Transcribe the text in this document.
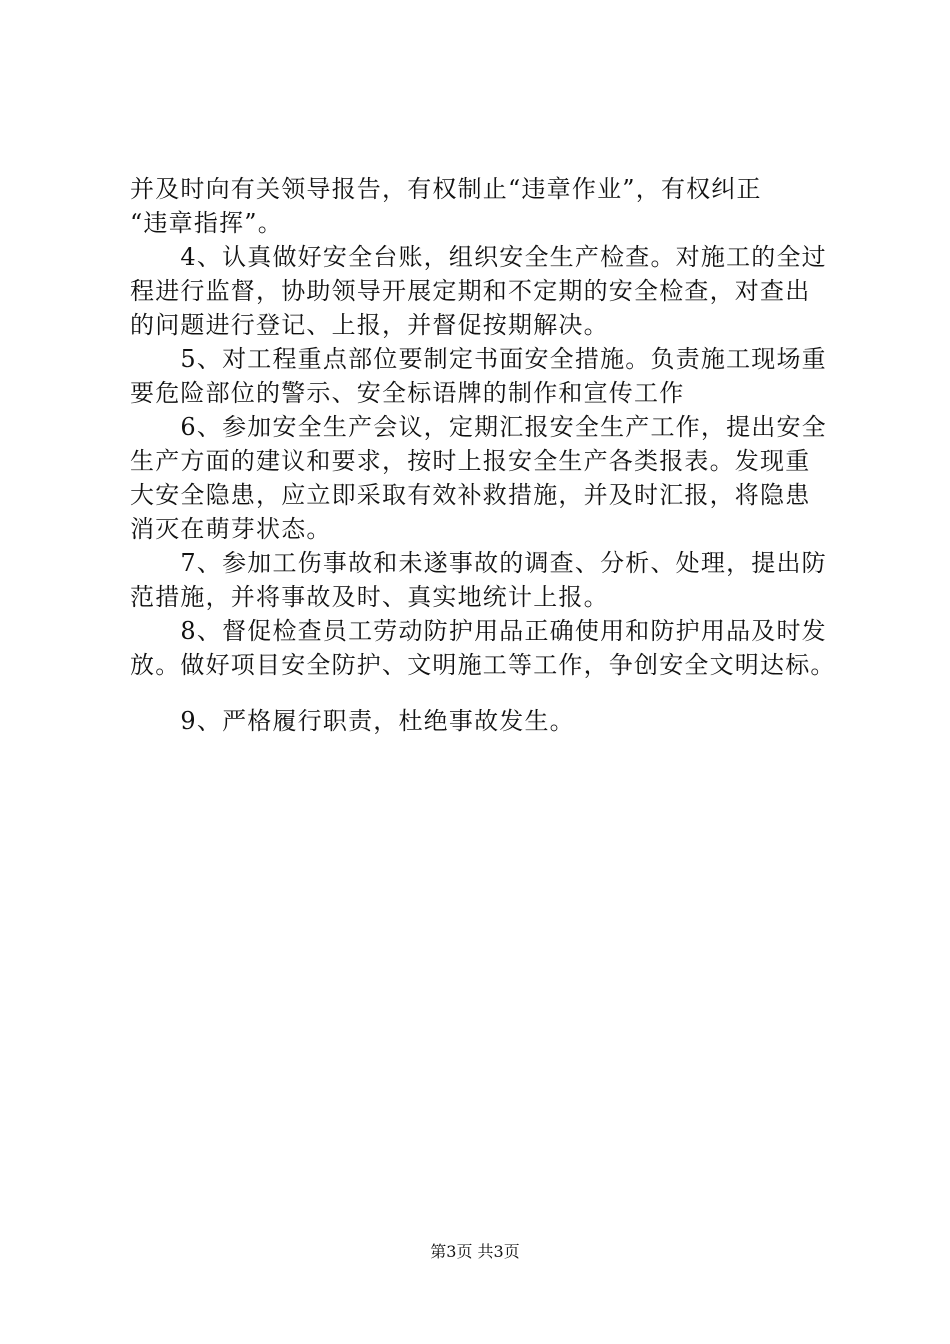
并及时向有关领导报告，有权制止“违章作业”，有权纠正
“违章指挥”。
　　4、认真做好安全台账，组织安全生产检查。对施工的全过
程进行监督，协助领导开展定期和不定期的安全检查，对查出
的问题进行登记、上报，并督促按期解决。
　　5、对工程重点部位要制定书面安全措施。负责施工现场重
要危险部位的警示、安全标语牌的制作和宣传工作
　　6、参加安全生产会议，定期汇报安全生产工作，提出安全
生产方面的建议和要求，按时上报安全生产各类报表。发现重
大安全隐患，应立即采取有效补救措施，并及时汇报，将隐患
消灭在萌芽状态。
　　7、参加工伤事故和未遂事故的调查、分析、处理，提出防
范措施，并将事故及时、真实地统计上报。
　　8、督促检查员工劳动防护用品正确使用和防护用品及时发
放。做好项目安全防护、文明施工等工作，争创安全文明达标。
　　9、严格履行职责，杜绝事故发生。
第3页 共3页
